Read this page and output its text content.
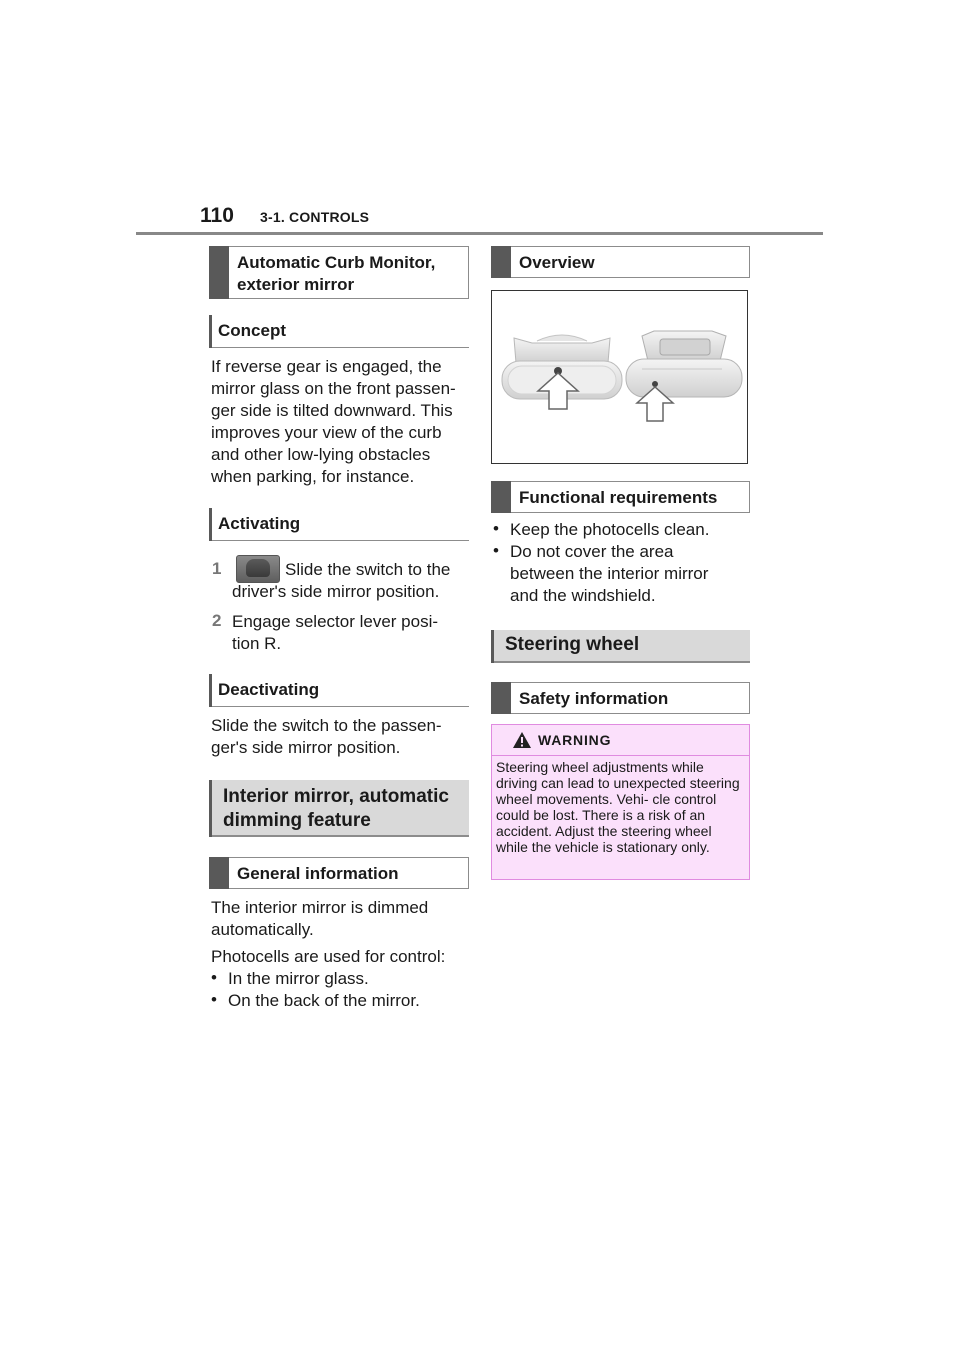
110 3-1. CONTROLS
Automatic Curb Monitor, exterior mirror
Concept
If reverse gear is engaged, the mirror glass on the front passen- ger side is tilted downward. This improves your view of the curb and other low-lying obstacles when parking, for instance.
Activating
1	Slide the switch to the driver's side mirror position.
2 Engage selector lever posi- tion R.
Deactivating
Slide the switch to the passen- ger's side mirror position.
Interior mirror, automatic dimming feature
General information
The interior mirror is dimmed automatically.
Photocells are used for control:
• In the mirror glass.
• On the back of the mirror.
Overview
Functional requirements
• Keep the photocells clean.
• Do not cover the area between the interior mirror and the windshield.
Steering wheel
Safety information
WARNING
Steering wheel adjustments while driving can lead to unexpected steering wheel movements. Vehi- cle control could be lost. There is a risk of an accident. Adjust the steering wheel while the vehicle is stationary only.
